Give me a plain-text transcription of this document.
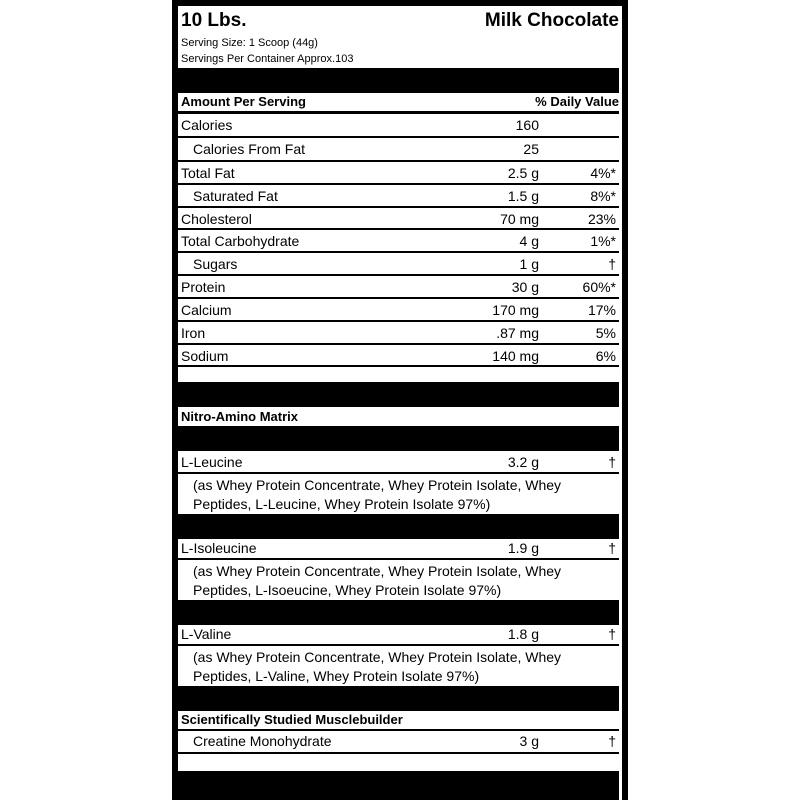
10 Lbs.	Milk Chocolate
Serving Size: 1 Scoop (44g)
Servings Per Container Approx.103
Amount Per Serving	% Daily Value
Calories	160
Calories From Fat	25
Total Fat	2.5 g	4%*
Saturated Fat	1.5 g	8%*
Cholesterol	70 mg	23%
Total Carbohydrate	4 g	1%*
Sugars	1 g	†
Protein	30 g	60%*
Calcium	170 mg	17%
Iron	.87 mg	5%
Sodium	140 mg	6%
Nitro-Amino Matrix
L-Leucine	3.2 g	†
(as Whey Protein Concentrate, Whey Protein Isolate, Whey
Peptides, L-Leucine, Whey Protein Isolate 97%)
L-Isoleucine	1.9 g	†
(as Whey Protein Concentrate, Whey Protein Isolate, Whey
Peptides, L-Isoeucine, Whey Protein Isolate 97%)
L-Valine	1.8 g	†
(as Whey Protein Concentrate, Whey Protein Isolate, Whey
Peptides, L-Valine, Whey Protein Isolate 97%)
Scientifically Studied Musclebuilder
Creatine Monohydrate	3 g	†
